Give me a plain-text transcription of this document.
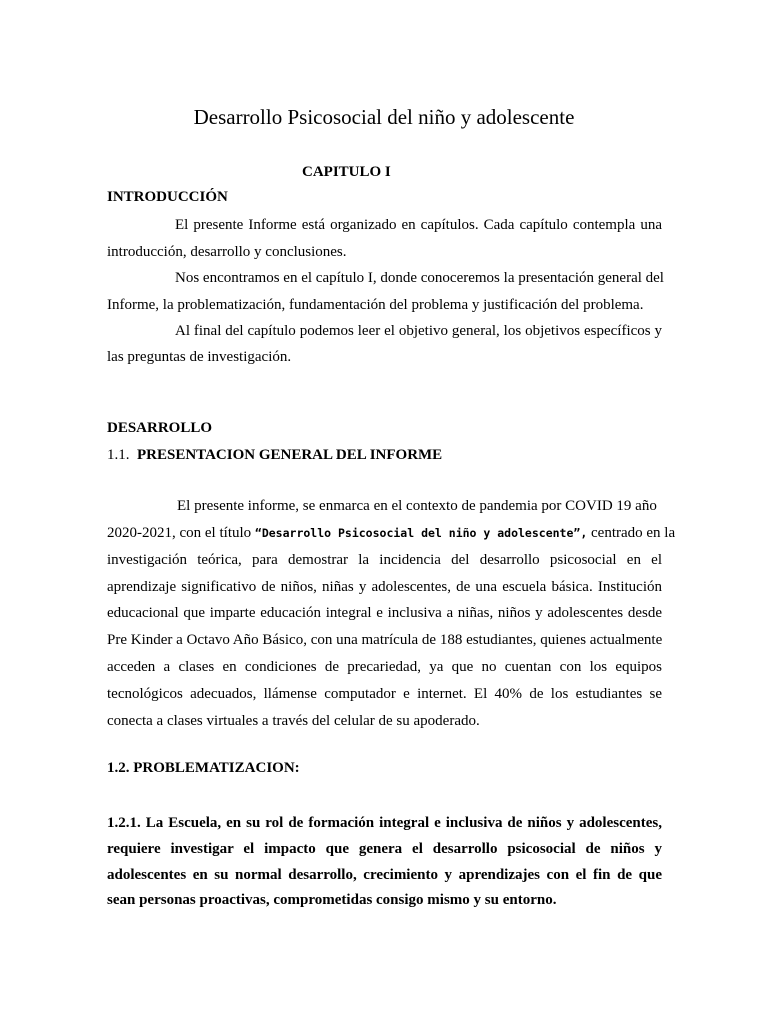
Desarrollo Psicosocial del niño y adolescente
CAPITULO I
INTRODUCCIÓN
El presente Informe está organizado en capítulos. Cada capítulo contempla una
introducción, desarrollo y conclusiones.
Nos encontramos en el capítulo I, donde conoceremos la presentación general del
Informe, la problematización, fundamentación del problema y justificación del problema.
Al final del capítulo podemos leer el objetivo general, los objetivos específicos y
las preguntas de investigación.
DESARROLLO
1.1. PRESENTACION GENERAL DEL INFORME
El presente informe, se enmarca en el contexto de pandemia por COVID 19 año
2020-2021, con el título “Desarrollo Psicosocial del niño y adolescente”, centrado en la
investigación teórica, para demostrar la incidencia del desarrollo psicosocial en el
aprendizaje significativo de niños, niñas y adolescentes, de una escuela básica. Institución
educacional que imparte educación integral e inclusiva a niñas, niños y adolescentes desde
Pre Kinder a Octavo Año Básico, con una matrícula de 188 estudiantes, quienes actualmente
acceden a clases en condiciones de precariedad, ya que no cuentan con los equipos
tecnológicos adecuados, llámense computador e internet. El 40% de los estudiantes se
conecta a clases virtuales a través del celular de su apoderado.
1.2. PROBLEMATIZACION:
1.2.1. La Escuela, en su rol de formación integral e inclusiva de niños y adolescentes,
requiere investigar el impacto que genera el desarrollo psicosocial de niños y
adolescentes en su normal desarrollo, crecimiento y aprendizajes con el fin de que
sean personas proactivas, comprometidas consigo mismo y su entorno.
